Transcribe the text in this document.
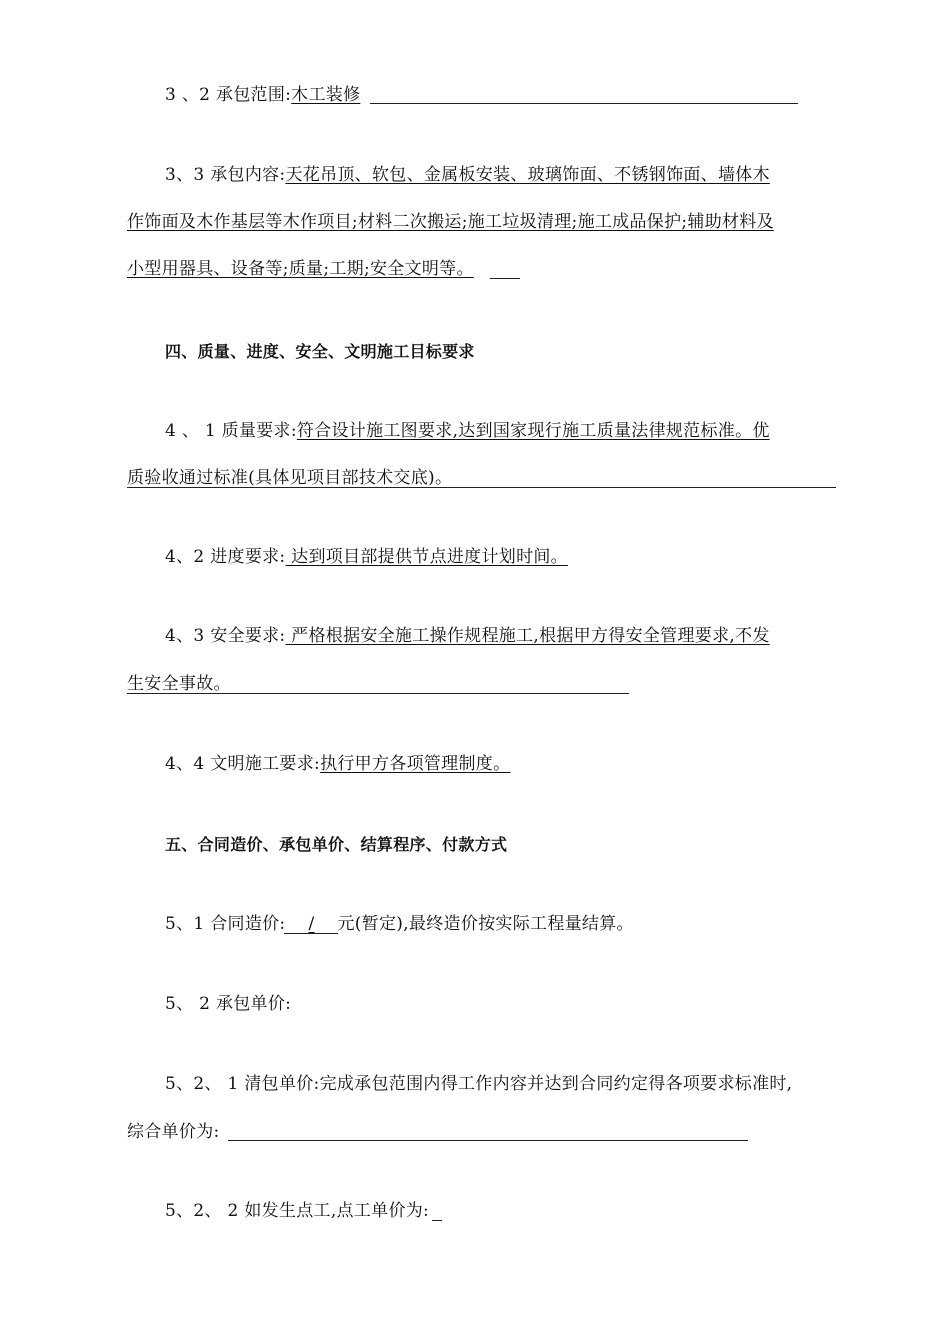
3 、2 承包范围:木工装修
3、3 承包内容:天花吊顶、软包、金属板安装、玻璃饰面、不锈钢饰面、墙体木
作饰面及木作基层等木作项目;材料二次搬运;施工垃圾清理;施工成品保护;辅助材料及
小型用器具、设备等;质量;工期;安全文明等。
四、质量、进度、安全、文明施工目标要求
4 、 1 质量要求:符合设计施工图要求,达到国家现行施工质量法律规范标准。优
质验收通过标准(具体见项目部技术交底)。
4、2 进度要求: 达到项目部提供节点进度计划时间。
4、3 安全要求: 严格根据安全施工操作规程施工,根据甲方得安全管理要求,不发
生安全事故。
4、4 文明施工要求:执行甲方各项管理制度。
五、合同造价、承包单价、结算程序、付款方式
5、1 合同造价: / 元(暂定),最终造价按实际工程量结算。
5、 2 承包单价:
5、2、 1 清包单价:完成承包范围内得工作内容并达到合同约定得各项要求标准时,
综合单价为:
5、2、 2 如发生点工,点工单价为:
